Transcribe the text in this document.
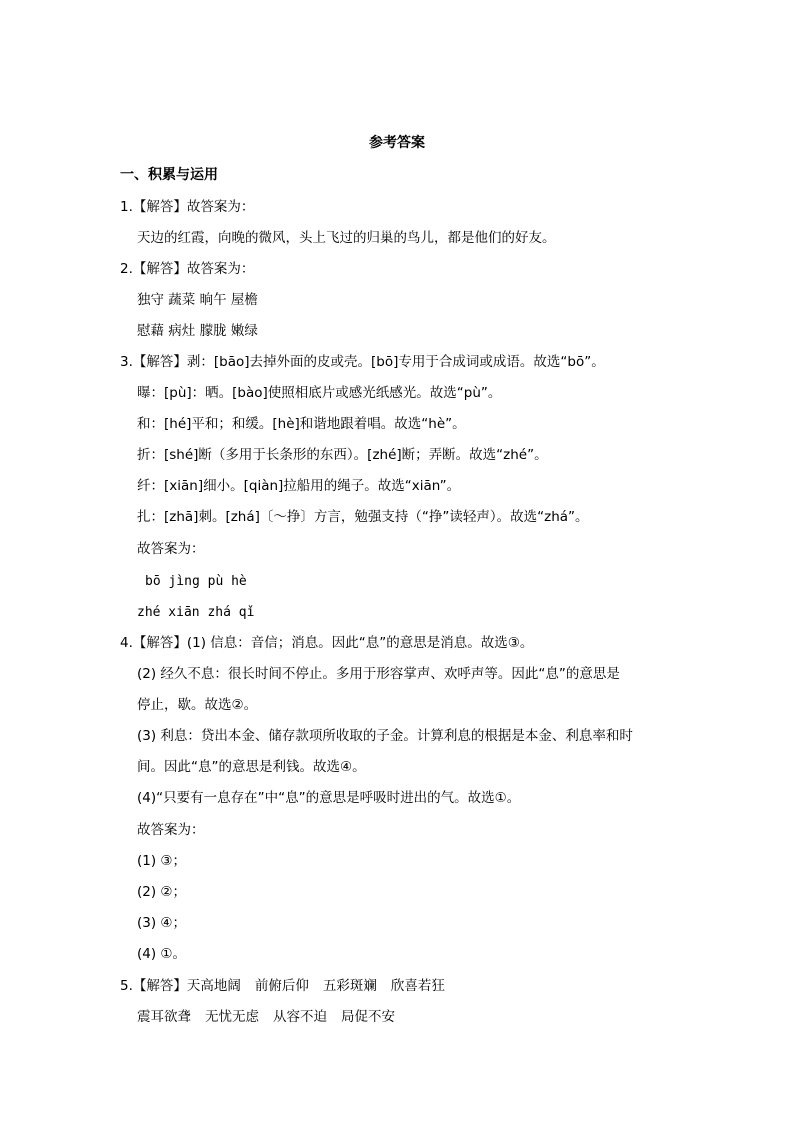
参考答案
一、积累与运用
1.【解答】故答案为：
天边的红霞，向晚的微风，头上飞过的归巢的鸟儿，都是他们的好友。
2.【解答】故答案为：
独守 蔬菜 晌午 屋檐
慰藉 病灶 朦胧 嫩绿
3.【解答】剥：[bāo]去掉外面的皮或壳。[bō]专用于合成词或成语。故选“bō”。
曝：[pù]：晒。[bào]使照相底片或感光纸感光。故选“pù”。
和：[hé]平和；和缓。[hè]和谐地跟着唱。故选“hè”。
折：[shé]断（多用于长条形的东西）。[zhé]断；弄断。故选“zhé”。
纤：[xiān]细小。[qiàn]拉船用的绳子。故选“xiān”。
扎：[zhā]刺。[zhá]〔～挣〕方言，勉强支持（“挣”读轻声）。故选“zhá”。
故答案为：
bō jìng pù hè
zhé xiān zhá qǐ
4.【解答】(1) 信息：音信；消息。因此“息”的意思是消息。故选③。
(2) 经久不息：很长时间不停止。多用于形容掌声、欢呼声等。因此“息”的意思是
停止，歇。故选②。
(3) 利息：贷出本金、储存款项所收取的子金。计算利息的根据是本金、利息率和时
间。因此“息”的意思是利钱。故选④。
(4)“只要有一息存在”中“息”的意思是呼吸时进出的气。故选①。
故答案为：
(1) ③；
(2) ②；
(3) ④；
(4) ①。
5.【解答】天高地阔 前俯后仰 五彩斑斓 欣喜若狂
震耳欲聋 无忧无虑 从容不迫 局促不安
